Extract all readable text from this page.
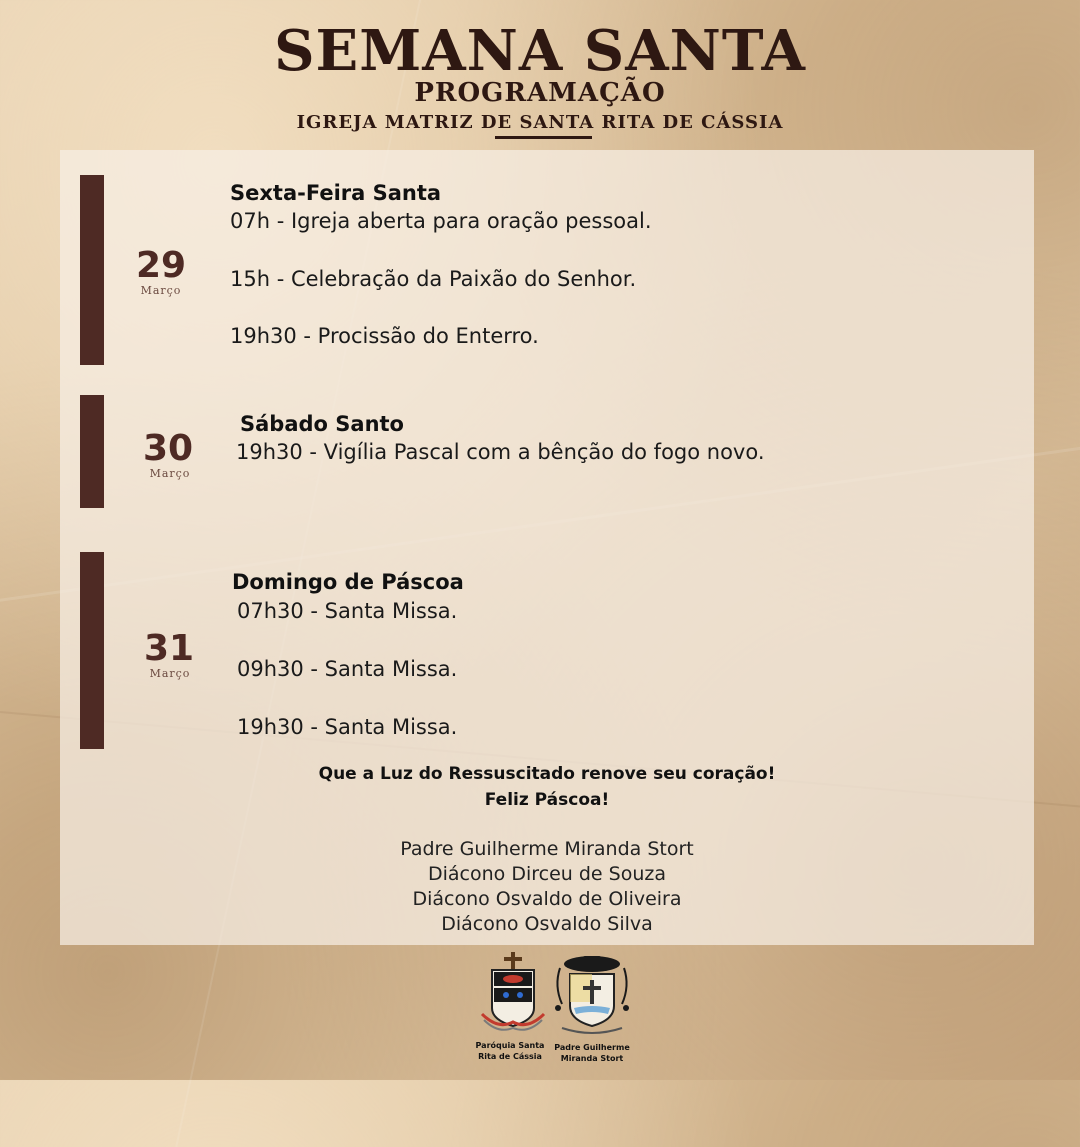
SEMANA SANTA
PROGRAMAÇÃO
IGREJA MATRIZ DE SANTA RITA DE CÁSSIA
29
Março
Sexta-Feira Santa
07h - Igreja aberta para oração pessoal.
15h - Celebração da Paixão do Senhor.
19h30 - Procissão do Enterro.
30
Março
Sábado Santo
19h30 - Vigília Pascal com a bênção do fogo novo.
31
Março
Domingo de Páscoa
07h30 - Santa Missa.
09h30 - Santa Missa.
19h30 - Santa Missa.
Que a Luz do Ressuscitado renove seu coração!
Feliz Páscoa!
Padre Guilherme Miranda Stort
Diácono Dirceu de Souza
Diácono Osvaldo de Oliveira
Diácono Osvaldo Silva
Paróquia Santa
Rita de Cássia
Padre Guilherme
Miranda Stort
